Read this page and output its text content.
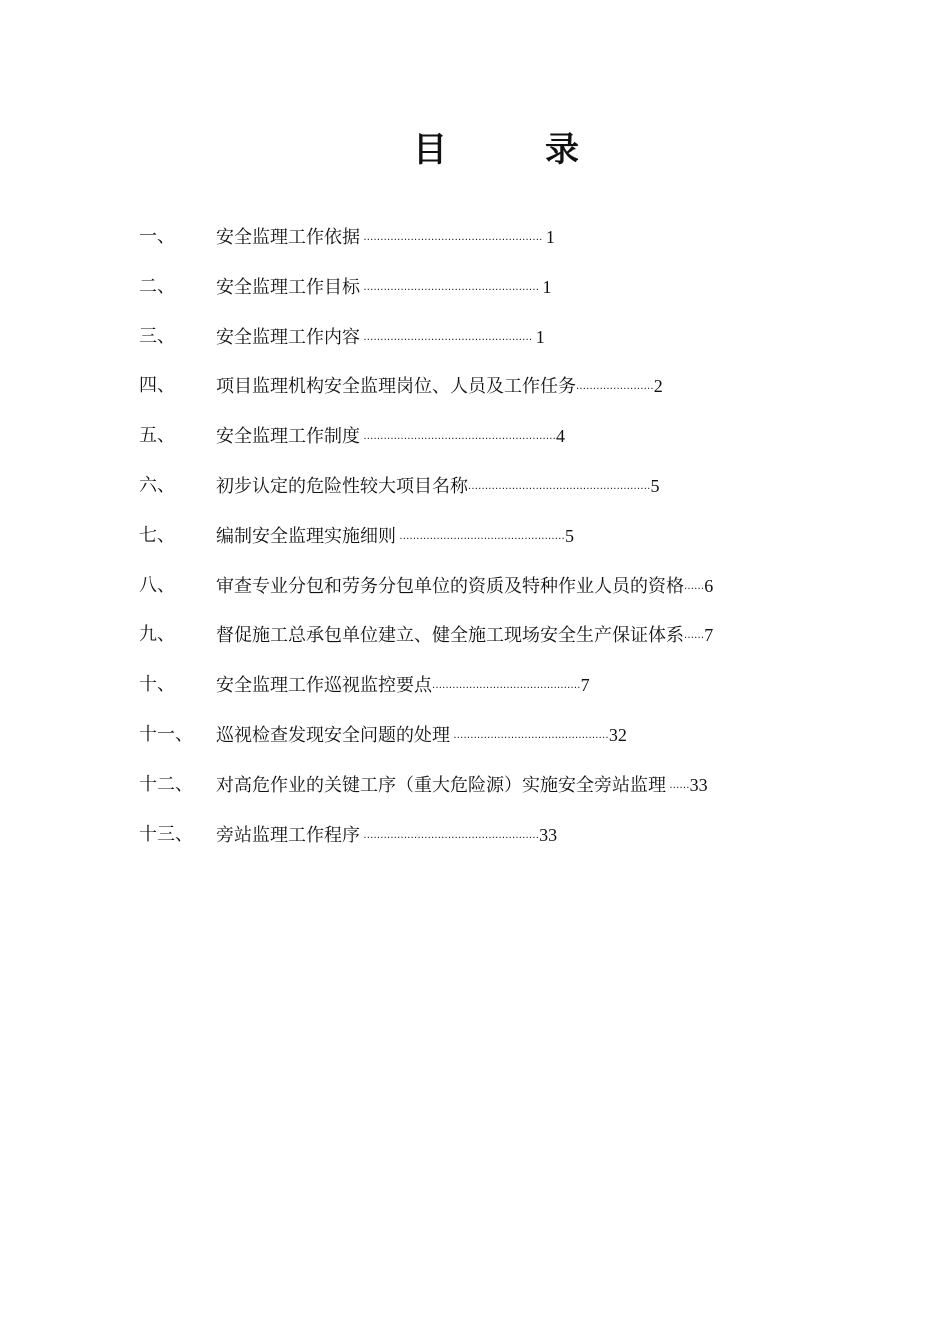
目　录
一、 安全监理工作依据 ····················································· 1
二、 安全监理工作目标 ···················································· 1
三、 安全监理工作内容 ·················································· 1
四、 项目监理机构安全监理岗位、人员及工作任务·······················2
五、 安全监理工作制度 ·························································4
六、 初步认定的危险性较大项目名称······················································5
七、 编制安全监理实施细则 ·················································5
八、 审查专业分包和劳务分包单位的资质及特种作业人员的资格······6
九、 督促施工总承包单位建立、健全施工现场安全生产保证体系······7
十、 安全监理工作巡视监控要点············································7
十一、 巡视检查发现安全问题的处理 ··············································32
十二、 对高危作业的关键工序（重大危险源）实施安全旁站监理 ······33
十三、 旁站监理工作程序 ····················································33
